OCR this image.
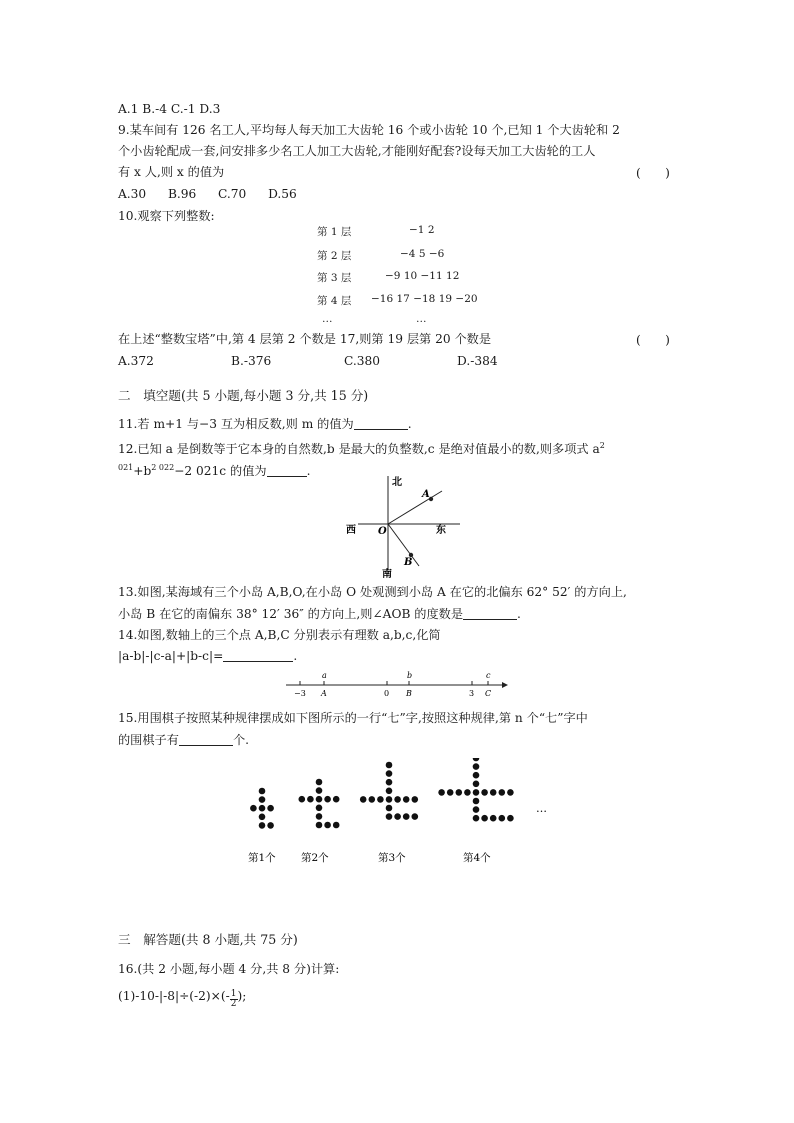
A.1 B.-4 C.-1 D.3
9.某车间有 126 名工人,平均每人每天加工大齿轮 16 个或小齿轮 10 个,已知 1 个大齿轮和 2
个小齿轮配成一套,问安排多少名工人加工大齿轮,才能刚好配套?设每天加工大齿轮的工人
有 x 人,则 x 的值为	(　　)
A.30 B.96 C.70 D.56
10.观察下列整数:
第 1 层	−1 2
第 2 层	−4 5 −6
第 3 层	−9 10 −11 12
第 4 层 −16 17 −18 19 −20
…	…
在上述“整数宝塔”中,第 4 层第 2 个数是 17,则第 19 层第 20 个数是	(　　)
A.372	B.-376	C.380	D.-384
二　填空题(共 5 小题,每小题 3 分,共 15 分)
11.若 m+1 与−3 互为相反数,则 m 的值为	.
12.已知 a 是倒数等于它本身的自然数,b 是最大的负整数,c 是绝对值最小的数,则多项式 $a^2$
$^{021}+b^{2 022}-2$ 021c 的值为	.
北
南
西	东
O
A
B
13.如图,某海域有三个小岛 A,B,O,在小岛 O 处观测到小岛 A 在它的北偏东 62° 52′ 的方向上,
小岛 B 在它的南偏东 38° 12′ 36″ 的方向上,则∠AOB 的度数是	.
14.如图,数轴上的三个点 A,B,C 分别表示有理数 a,b,c,化简
|a-b|-|c-a|+|b-c|=	.
−3	0	3
a	b	c
A	B	C
15.用围棋子按照某种规律摆成如下图所示的一行“七”字,按照这种规律,第 n 个“七”字中
的围棋子有	个.
…
第1个 第2个	第3个	第4个
三　解答题(共 8 小题,共 75 分)
16.(共 2 小题,每小题 4 分,共 8 分)计算:
$(1)-10-|-8|\div(-2)\times(- \frac{1}{2}$ );
